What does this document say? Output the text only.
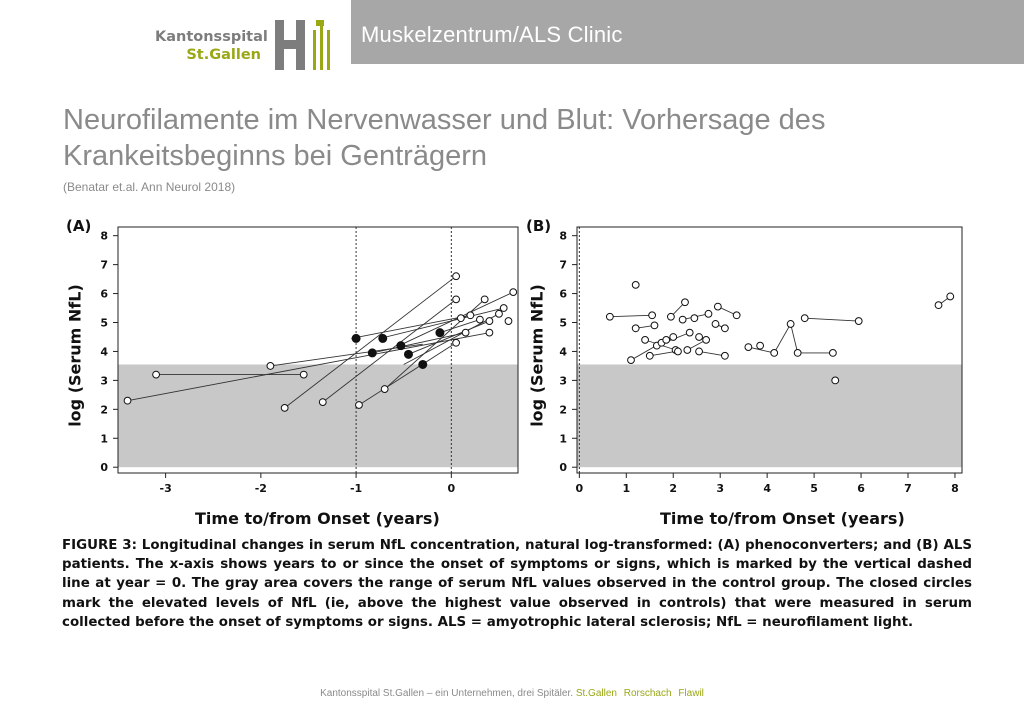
Kantonsspital
St.Gallen
Muskelzentrum/ALS Clinic
Neurofilamente im Nervenwasser und Blut: Vorhersage des Krankeitsbeginns bei Genträgern
(Benatar et.al. Ann Neurol 2018)
(A)	(B)
log (Serum NfL)	log (Serum NfL)
Time to/from Onset (years)	Time to/from Onset (years)
0
1
2
3
4
5
6
7
8
-3	-2	-1	0
0
1
2
3
4
5
6
7
8
0	1	2	3	4	5	6	7	8
FIGURE 3: Longitudinal changes in serum NfL concentration, natural log-transformed: (A) phenoconverters; and (B) ALS patients. The x-axis shows years to or since the onset of symptoms or signs, which is marked by the vertical dashed line at year = 0. The gray area covers the range of serum NfL values observed in the control group. The closed circles mark the elevated levels of NfL (ie, above the highest value observed in controls) that were measured in serum collected before the onset of symptoms or signs. ALS = amyotrophic lateral sclerosis; NfL = neurofilament light.
Kantonsspital St.Gallen – ein Unternehmen, drei Spitäler. St.Gallen Rorschach Flawil
